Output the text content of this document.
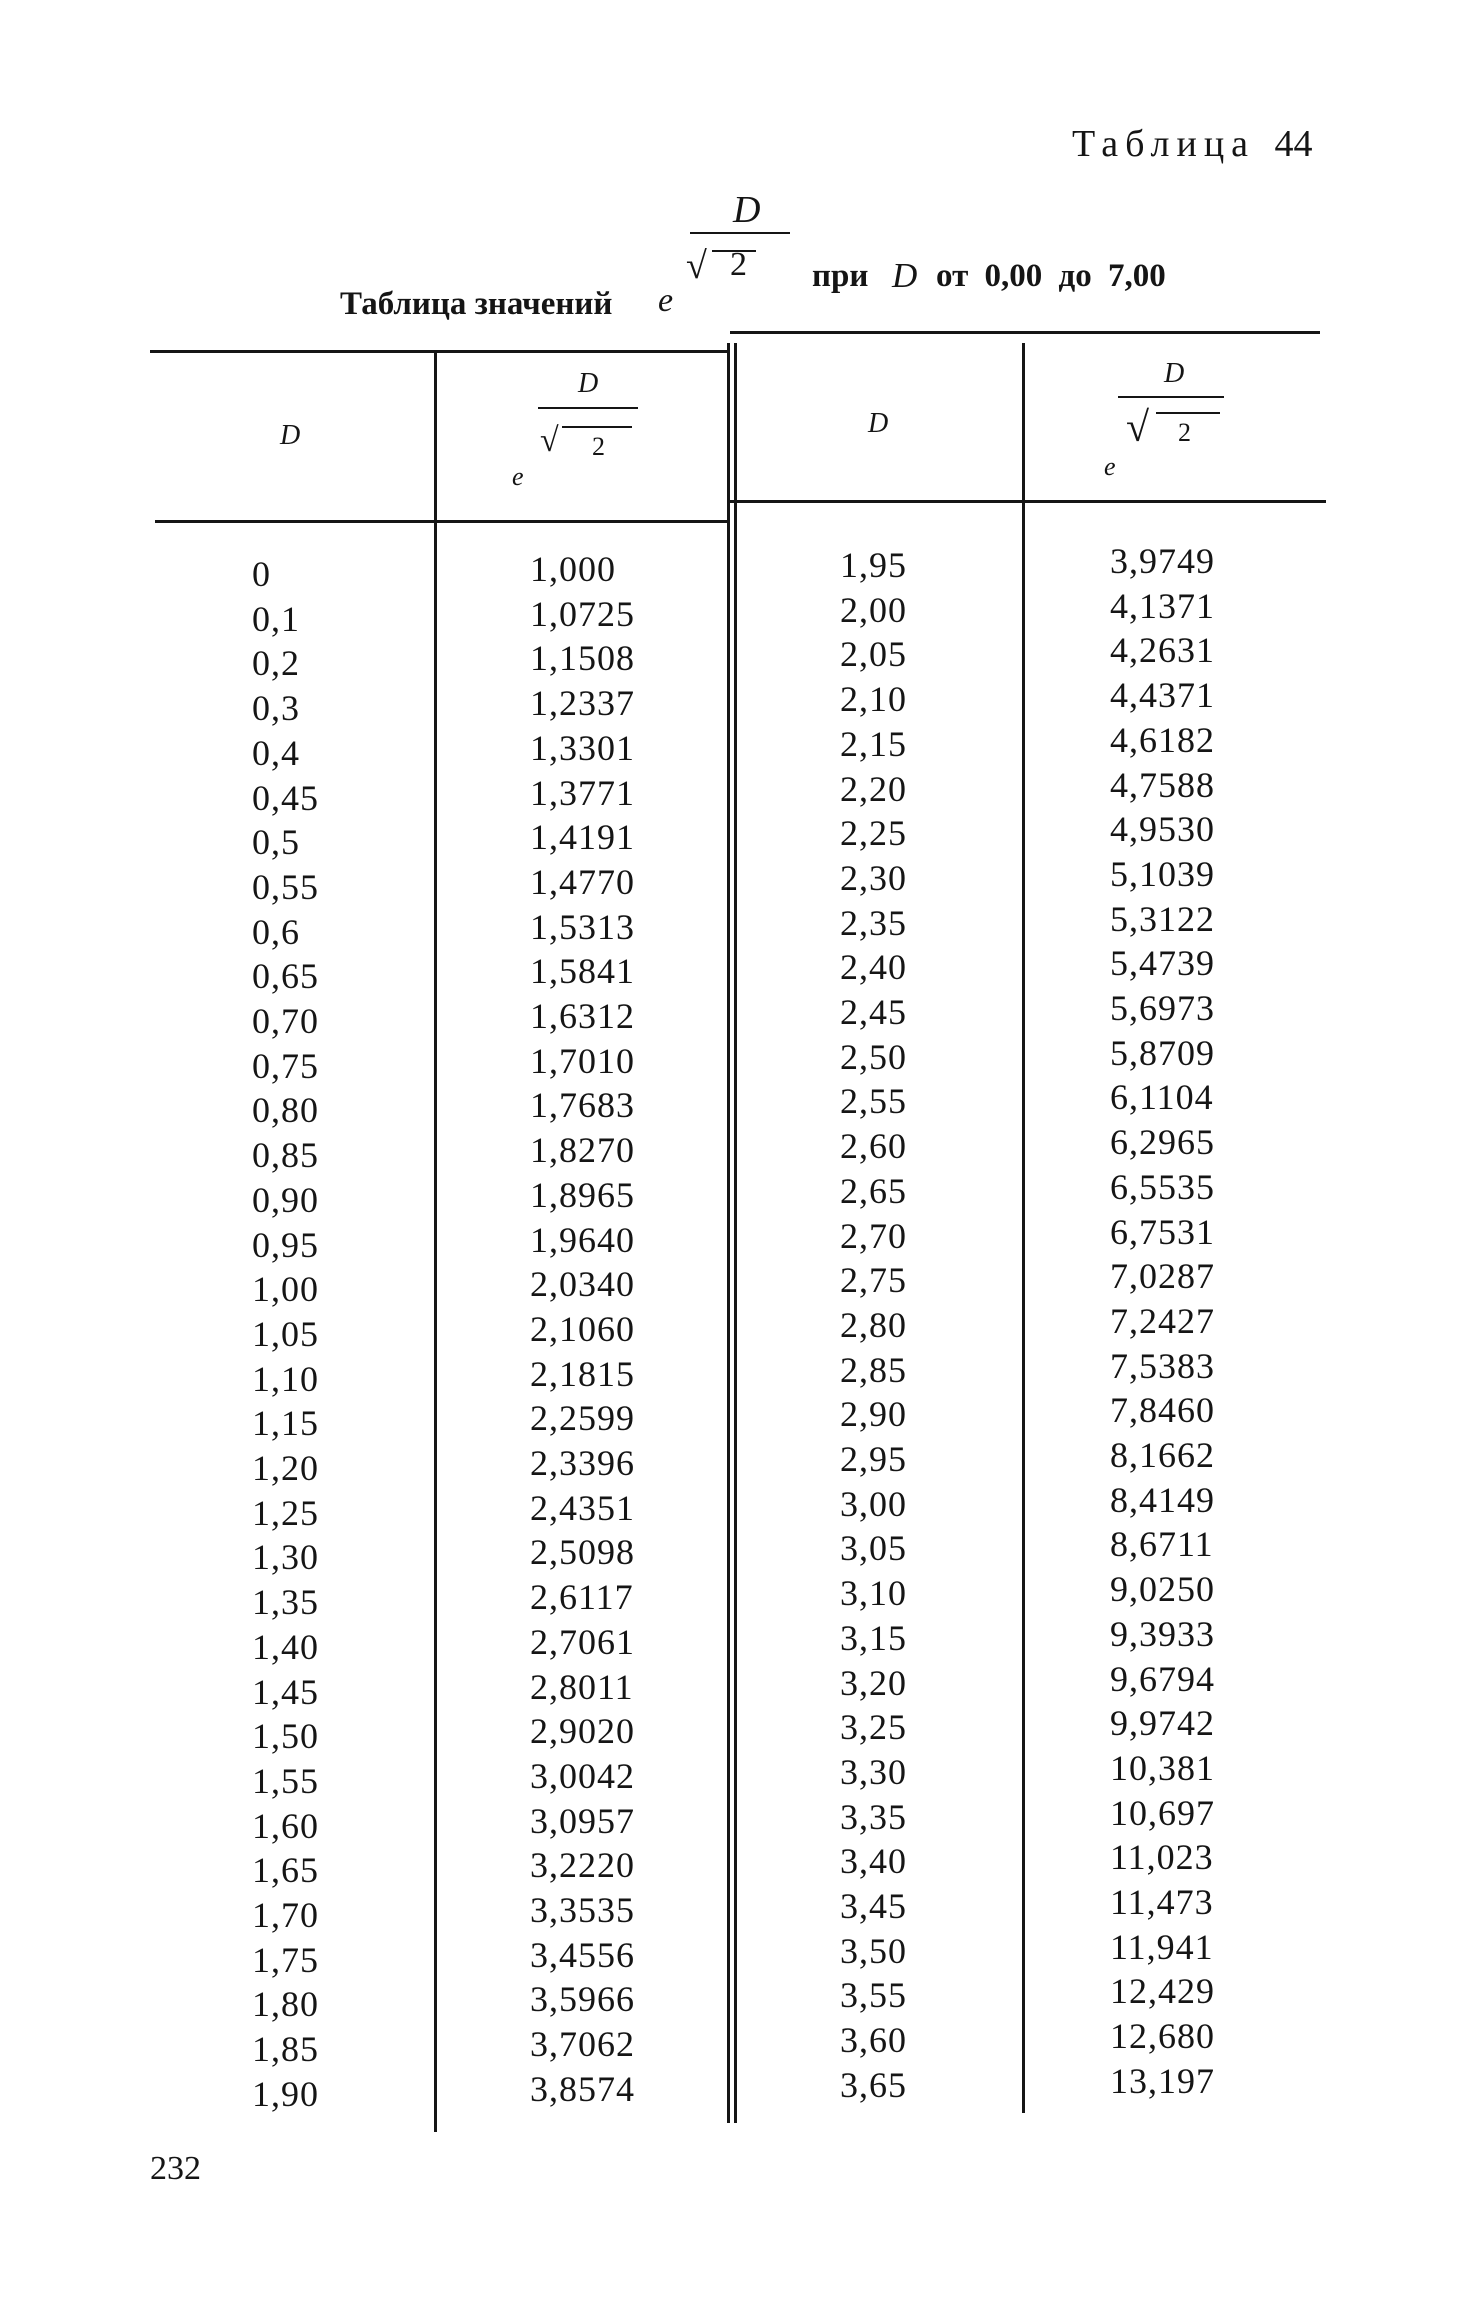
Таблица 44
Таблица значений e
D
√ 2 при D от 0,00 до 7,00
D
D
√ 2
e
D
D
√ 2
e
0	1,000
0,1	1,0725
0,2	1,1508
0,3	1,2337
0,4	1,3301
0,45	1,3771
0,5	1,4191
0,55	1,4770
0,6	1,5313
0,65	1,5841
0,70	1,6312
0,75	1,7010
0,80	1,7683
0,85	1,8270
0,90	1,8965
0,95	1,9640
1,00	2,0340
1,05	2,1060
1,10	2,1815
1,15	2,2599
1,20	2,3396
1,25	2,4351
1,30	2,5098
1,35	2,6117
1,40	2,7061
1,45	2,8011
1,50	2,9020
1,55	3,0042
1,60	3,0957
1,65	3,2220
1,70	3,3535
1,75	3,4556
1,80	3,5966
1,85	3,7062
1,90	3,8574
1,95	3,9749
2,00	4,1371
2,05	4,2631
2,10	4,4371
2,15	4,6182
2,20	4,7588
2,25	4,9530
2,30	5,1039
2,35	5,3122
2,40	5,4739
2,45	5,6973
2,50	5,8709
2,55	6,1104
2,60	6,2965
2,65	6,5535
2,70	6,7531
2,75	7,0287
2,80	7,2427
2,85	7,5383
2,90	7,8460
2,95	8,1662
3,00	8,4149
3,05	8,6711
3,10	9,0250
3,15	9,3933
3,20	9,6794
3,25	9,9742
3,30	10,381
3,35	10,697
3,40	11,023
3,45	11,473
3,50	11,941
3,55	12,429
3,60	12,680
3,65	13,197
232
